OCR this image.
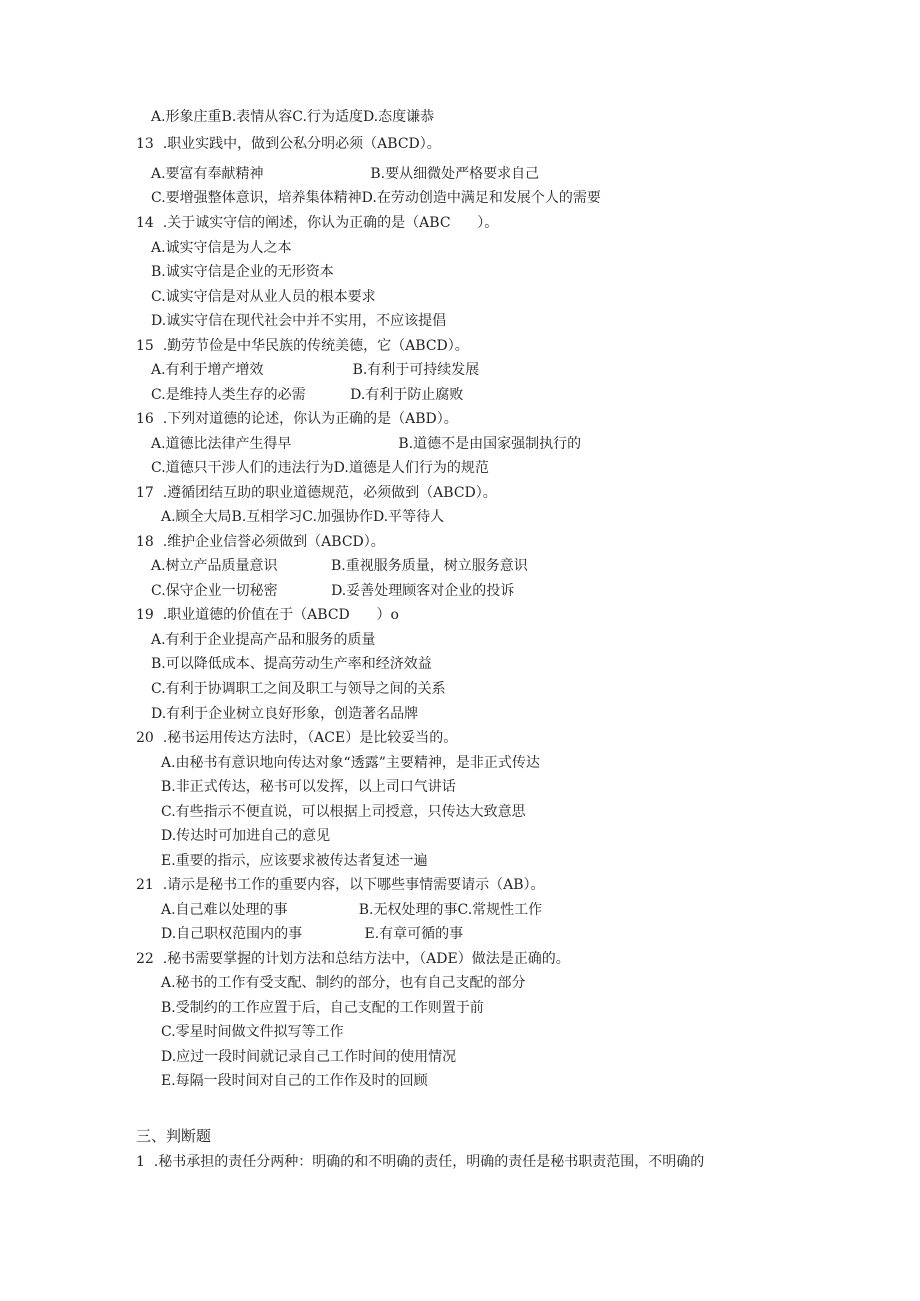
A.形象庄重B.表情从容C.行为适度D.态度谦恭
13  .职业实践中，做到公私分明必须（ABCD）。
A.要富有奉献精神                        B.要从细微处严格要求自己
C.要增强整体意识，培养集体精神D.在劳动创造中满足和发展个人的需要
14  .关于诚实守信的阐述，你认为正确的是（ABC      ）。
A.诚实守信是为人之本
B.诚实守信是企业的无形资本
C.诚实守信是对从业人员的根本要求
D.诚实守信在现代社会中并不实用，不应该提倡
15  .勤劳节俭是中华民族的传统美德，它（ABCD）。
A.有利于增产增效                    B.有利于可持续发展
C.是维持人类生存的必需          D.有利于防止腐败
16  .下列对道德的论述，你认为正确的是（ABD）。
A.道德比法律产生得早                        B.道德不是由国家强制执行的
C.道德只干涉人们的违法行为D.道德是人们行为的规范
17  .遵循团结互助的职业道德规范，必须做到（ABCD）。
A.顾全大局B.互相学习C.加强协作D.平等待人
18  .维护企业信誉必须做到（ABCD）。
A.树立产品质量意识            B.重视服务质量，树立服务意识
C.保守企业一切秘密            D.妥善处理顾客对企业的投诉
19  .职业道德的价值在于（ABCD      ）o
A.有利于企业提高产品和服务的质量
B.可以降低成本、提高劳动生产率和经济效益
C.有利于协调职工之间及职工与领导之间的关系
D.有利于企业树立良好形象，创造著名品牌
20  .秘书运用传达方法时，（ACE）是比较妥当的。
A.由秘书有意识地向传达对象“透露”主要精神，是非正式传达
B.非正式传达，秘书可以发挥，以上司口气讲话
C.有些指示不便直说，可以根据上司授意，只传达大致意思
D.传达时可加进自己的意见
E.重要的指示，应该要求被传达者复述一遍
21  .请示是秘书工作的重要内容，以下哪些事情需要请示（AB）。
A.自己难以处理的事                B.无权处理的事C.常规性工作
D.自己职权范围内的事              E.有章可循的事
22  .秘书需要掌握的计划方法和总结方法中，（ADE）做法是正确的。
A.秘书的工作有受支配、制约的部分，也有自己支配的部分
B.受制约的工作应置于后，自己支配的工作则置于前
C.零星时间做文件拟写等工作
D.应过一段时间就记录自己工作时间的使用情况
E.每隔一段时间对自己的工作作及时的回顾
三、判断题
1  .秘书承担的责任分两种：明确的和不明确的责任，明确的责任是秘书职责范围，不明确的
